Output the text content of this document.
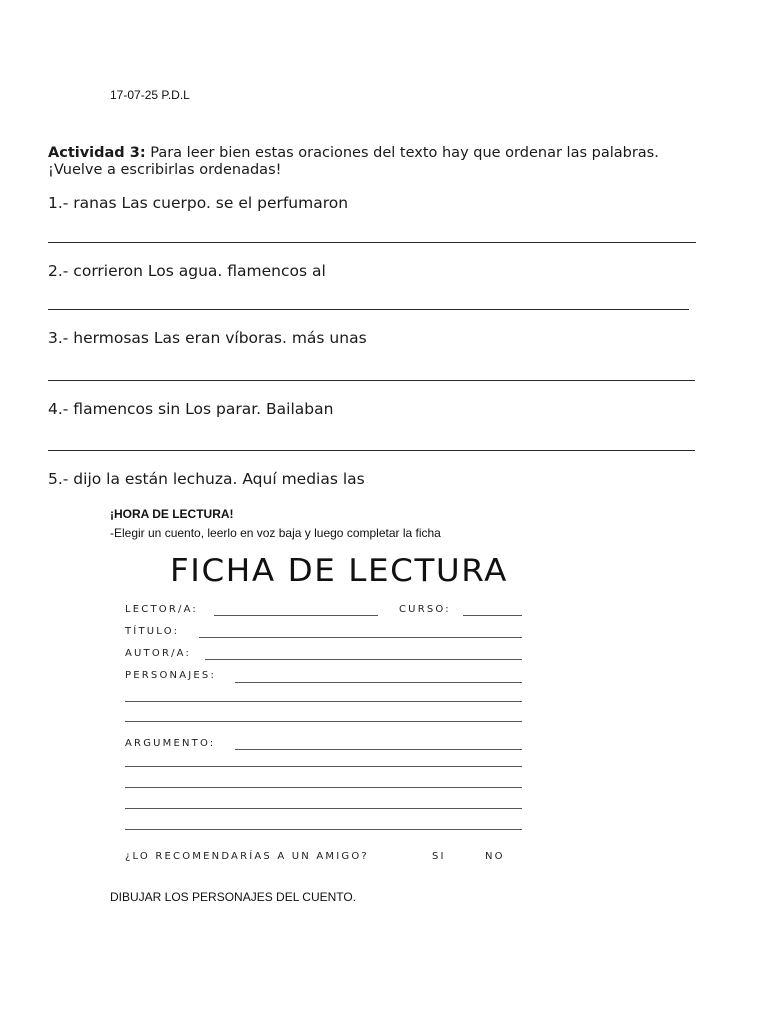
17-07-25 P.D.L
Actividad 3: Para leer bien estas oraciones del texto hay que ordenar las palabras.
¡Vuelve a escribirlas ordenadas!
1.- ranas Las cuerpo. se el perfumaron
2.- corrieron Los agua. flamencos al
3.- hermosas Las eran víboras. más unas
4.- flamencos sin Los parar. Bailaban
5.- dijo la están lechuza. Aquí medias las
¡HORA DE LECTURA!
-Elegir un cuento, leerlo en voz baja y luego completar la ficha
FICHA DE LECTURA
LECTOR/A:	CURSO:
TÍTULO:
AUTOR/A:
PERSONAJES:
ARGUMENTO:
¿LO RECOMENDARÍAS A UN AMIGO?	SI	NO
DIBUJAR LOS PERSONAJES DEL CUENTO.
